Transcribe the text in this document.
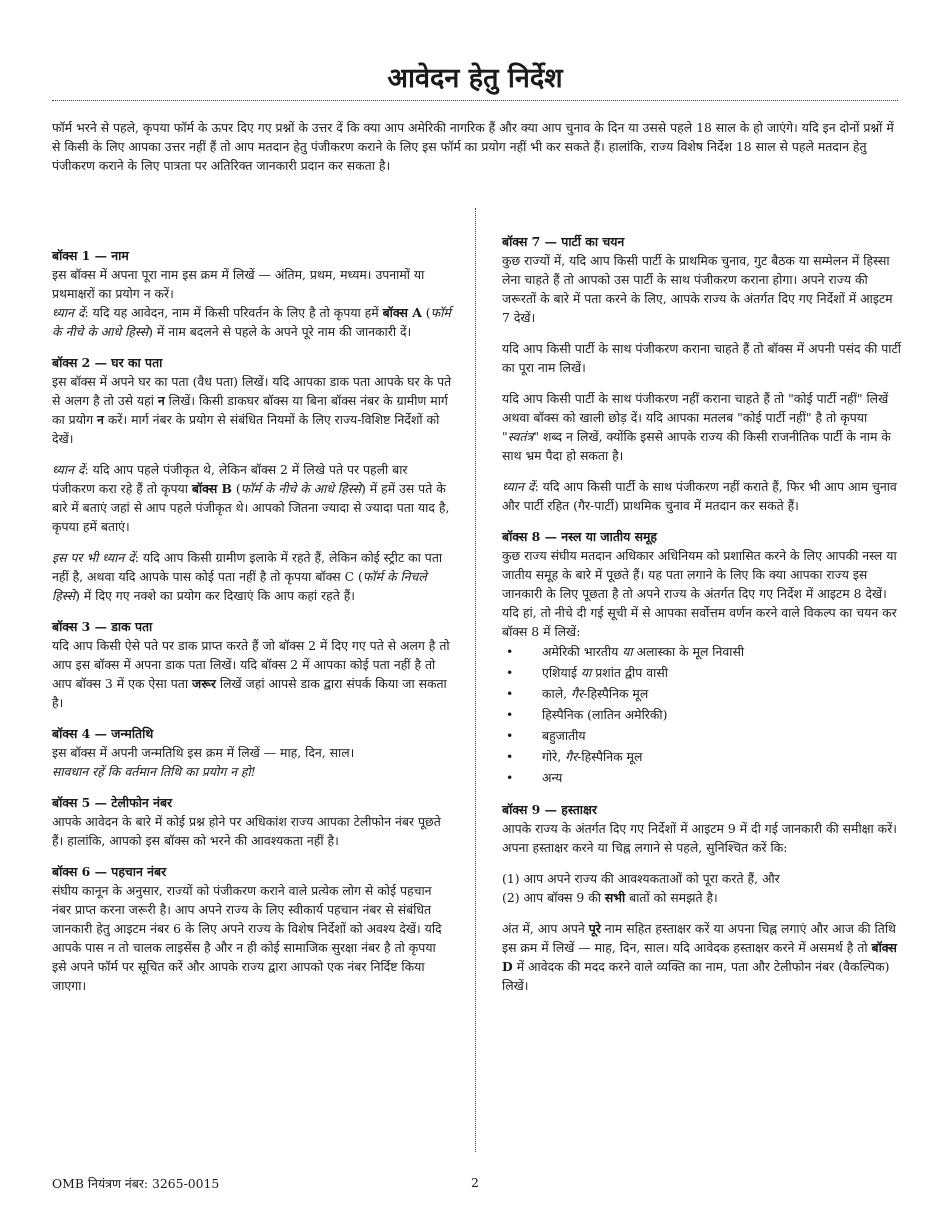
आवेदन हेतु निर्देश

फॉर्म भरने से पहले, कृपया फॉर्म के ऊपर दिए गए प्रश्नों के उत्तर दें कि क्या आप अमेरिकी नागरिक हैं और क्या आप चुनाव के दिन या उससे पहले 18 साल के हो जाएंगे। यदि इन दोनों प्रश्नों में से किसी के लिए आपका उत्तर नहीं हैं तो आप मतदान हेतु पंजीकरण कराने के लिए इस फॉर्म का प्रयोग नहीं भी कर सकते हैं। हालांकि, राज्य विशेष निर्देश 18 साल से पहले मतदान हेतु पंजीकरण कराने के लिए पात्रता पर अतिरिक्त जानकारी प्रदान कर सकता है।

बॉक्स 1 — नाम

इस बॉक्स में अपना पूरा नाम इस क्रम में लिखें — अंतिम, प्रथम, मध्यम। उपनामों या प्रथमाक्षरों का प्रयोग न करें।

ध्यान दें: यदि यह आवेदन, नाम में किसी परिवर्तन के लिए है तो कृपया हमें बॉक्स A (फॉर्म के नीचे के आधे हिस्से) में नाम बदलने से पहले के अपने पूरे नाम की जानकारी दें।

बॉक्स 2 — घर का पता

इस बॉक्स में अपने घर का पता (वैध पता) लिखें। यदि आपका डाक पता आपके घर के पते से अलग है तो उसे यहां न लिखें। किसी डाकघर बॉक्स या बिना बॉक्स नंबर के ग्रामीण मार्ग का प्रयोग न करें। मार्ग नंबर के प्रयोग से संबंधित नियमों के लिए राज्य-विशिष्ट निर्देशों को देखें।

ध्यान दें: यदि आप पहले पंजीकृत थे, लेकिन बॉक्स 2 में लिखे पते पर पहली बार पंजीकरण करा रहे हैं तो कृपया बॉक्स B (फॉर्म के नीचे के आधे हिस्से) में हमें उस पते के बारे में बताएं जहां से आप पहले पंजीकृत थे। आपको जितना ज्यादा से ज्यादा पता याद है, कृपया हमें बताएं।

इस पर भी ध्यान दें: यदि आप किसी ग्रामीण इलाके में रहते हैं, लेकिन कोई स्ट्रीट का पता नहीं है, अथवा यदि आपके पास कोई पता नहीं है तो कृपया बॉक्स C (फॉर्म के निचले हिस्से) में दिए गए नक्शे का प्रयोग कर दिखाएं कि आप कहां रहते हैं।

बॉक्स 3 — डाक पता

यदि आप किसी ऐसे पते पर डाक प्राप्त करते हैं जो बॉक्स 2 में दिए गए पते से अलग है तो आप इस बॉक्स में अपना डाक पता लिखें। यदि बॉक्स 2 में आपका कोई पता नहीं है तो आप बॉक्स 3 में एक ऐसा पता जरूर लिखें जहां आपसे डाक द्वारा संपर्क किया जा सकता है।

बॉक्स 4 — जन्मतिथि

इस बॉक्स में अपनी जन्मतिथि इस क्रम में लिखें — माह, दिन, साल।

सावधान रहें कि वर्तमान तिथि का प्रयोग न हो!

बॉक्स 5 — टेलीफोन नंबर

आपके आवेदन के बारे में कोई प्रश्न होने पर अधिकांश राज्य आपका टेलीफोन नंबर पूछते हैं। हालांकि, आपको इस बॉक्स को भरने की आवश्यकता नहीं है।

बॉक्स 6 — पहचान नंबर

संघीय कानून के अनुसार, राज्यों को पंजीकरण कराने वाले प्रत्येक लोग से कोई पहचान नंबर प्राप्त करना जरूरी है। आप अपने राज्य के लिए स्वीकार्य पहचान नंबर से संबंधित जानकारी हेतु आइटम नंबर 6 के लिए अपने राज्य के विशेष निर्देशों को अवश्य देखें। यदि आपके पास न तो चालक लाइसेंस है और न ही कोई सामाजिक सुरक्षा नंबर है तो कृपया इसे अपने फॉर्म पर सूचित करें और आपके राज्य द्वारा आपको एक नंबर निर्दिष्ट किया जाएगा।

बॉक्स 7 — पार्टी का चयन

कुछ राज्यों में, यदि आप किसी पार्टी के प्राथमिक चुनाव, गुट बैठक या सम्मेलन में हिस्सा लेना चाहते हैं तो आपको उस पार्टी के साथ पंजीकरण कराना होगा। अपने राज्य की जरूरतों के बारे में पता करने के लिए, आपके राज्य के अंतर्गत दिए गए निर्देशों में आइटम 7 देखें।

यदि आप किसी पार्टी के साथ पंजीकरण कराना चाहते हैं तो बॉक्स में अपनी पसंद की पार्टी का पूरा नाम लिखें।

यदि आप किसी पार्टी के साथ पंजीकरण नहीं कराना चाहते हैं तो "कोई पार्टी नहीं" लिखें अथवा बॉक्स को खाली छोड़ दें। यदि आपका मतलब "कोई पार्टी नहीं" है तो कृपया "स्वतंत्र" शब्द न लिखें, क्योंकि इससे आपके राज्य की किसी राजनीतिक पार्टी के नाम के साथ भ्रम पैदा हो सकता है।

ध्यान दें: यदि आप किसी पार्टी के साथ पंजीकरण नहीं कराते हैं, फिर भी आप आम चुनाव और पार्टी रहित (गैर-पार्टी) प्राथमिक चुनाव में मतदान कर सकते हैं।

बॉक्स 8 — नस्ल या जातीय समूह

कुछ राज्य संघीय मतदान अधिकार अधिनियम को प्रशासित करने के लिए आपकी नस्ल या जातीय समूह के बारे में पूछते हैं। यह पता लगाने के लिए कि क्या आपका राज्य इस जानकारी के लिए पूछता है तो अपने राज्य के अंतर्गत दिए गए निर्देश में आइटम 8 देखें। यदि हां, तो नीचे दी गई सूची में से आपका सर्वोत्तम वर्णन करने वाले विकल्प का चयन कर बॉक्स 8 में लिखें:

• अमेरिकी भारतीय या अलास्का के मूल निवासी
• एशियाई या प्रशांत द्वीप वासी
• काले, गैर-हिस्पैनिक मूल
• हिस्पैनिक (लातिन अमेरिकी)
• बहुजातीय
• गोरे, गैर-हिस्पैनिक मूल
• अन्य
बॉक्स 9 — हस्ताक्षर

आपके राज्य के अंतर्गत दिए गए निर्देशों में आइटम 9 में दी गई जानकारी की समीक्षा करें। अपना हस्ताक्षर करने या चिह्न लगाने से पहले, सुनिश्चित करें कि:

(1) आप अपने राज्य की आवश्यकताओं को पूरा करते हैं, और

(2) आप बॉक्स 9 की सभी बातों को समझते है।

अंत में, आप अपने पूरे नाम सहित हस्ताक्षर करें या अपना चिह्न लगाएं और आज की तिथि इस क्रम में लिखें — माह, दिन, साल। यदि आवेदक हस्ताक्षर करने में असमर्थ है तो बॉक्स D में आवेदक की मदद करने वाले व्यक्ति का नाम, पता और टेलीफोन नंबर (वैकल्पिक) लिखें।

OMB नियंत्रण नंबर: 3265-0015	2
